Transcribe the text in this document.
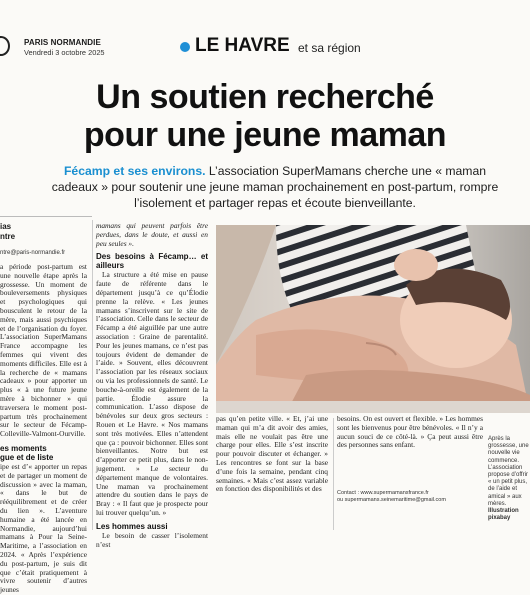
PARIS NORMANDIE
Vendredi 3 octobre 2025	LE HAVRE et sa région
Un soutien recherché
pour une jeune maman
Fécamp et ses environs. L’association SuperMamans cherche une « maman cadeaux » pour soutenir une jeune maman prochainement en post-partum, rompre l’isolement et partager repas et écoute bienveillante.
ias
ntre
ntre@paris-normandie.fr

a période post-partum est une nouvelle étape après la grossesse. Un moment de bouleversements physiques et psychologiques qui bousculent le retour de la mère, mais aussi psychiques et de l’organisation du foyer. L’association SuperMamans France accompagne les femmes qui vivent des moments difficiles. Elle est à la recherche de « mamans cadeaux » pour apporter un plus « à une future jeune mère à bichonner » qui traversera le moment post-partum très prochainement sur le secteur de Fécamp-Colleville-Valmont-Ourville.

es moments
gue et de liste

ipe est d’« apporter un repas et de partager un moment de discussion » avec la maman, « dans le but de rééquilibrement et de créer du lien ». L’aventure humaine a été lancée en Normandie, aujourd’hui mamans à Pour la Seine-Maritime, a l’association en 2024. « Après l’expérience du post-partum, je suis dit que c’était pratiquement à vivre soutenir d’autres jeunes

mamans qui peuvent parfois être perdues, dans le doute, et aussi en peu seules ».

Des besoins à Fécamp… et ailleurs

La structure a été mise en pause faute de référente dans le département jusqu’à ce qu’Élodie prenne la relève. « Les jeunes mamans s’inscrivent sur le site de l’association. Celle dans le secteur de Fécamp a été aiguillée par une autre association : Graine de parentalité. Pour les jeunes mamans, ce n’est pas toujours évident de demander de l’aide. » Souvent, elles découvrent l’association par les réseaux sociaux ou via les professionnels de santé. Le bouche-à-oreille est également de la partie. Élodie assure la communication. L’asso dispose de bénévoles sur deux gros secteurs : Rouen et Le Havre. « Nos mamans sont très motivées. Elles n’attendent que ça : pouvoir bichonner. Elles sont bienveillantes. Notre but est d’apporter ce petit plus, dans le non-jugement. » Le secteur du département manque de volontaires. Une maman va prochainement attendre du soutien dans le pays de Bray : « Il faut que je prospecte pour lui trouver quelqu’un. »

Les hommes aussi

Le besoin de casser l’isolement n’est

pas qu’en petite ville. « Et, j’ai une maman qui m’a dit avoir des amies, mais elle ne voulait pas être une charge pour elles. Elle s’est inscrite pour pouvoir discuter et échanger. » Les rencontres se font sur la base d’une fois la semaine, pendant cinq semaines. « Mais c’est assez variable en fonction des disponibilités et des

besoins. On est ouvert et flexible. » Les hommes sont les bienvenus pour être bénévoles. « Il n’y a aucun souci de ce côté-là. » Ça peut aussi être des personnes sans enfant.

Contact : www.supermamansfrance.fr
ou supermamans.seinemaritime@gmail.com
Après la grossesse, une nouvelle vie commence. L’association propose d’offrir « un petit plus, de l’aide et amical » aux mères. Illustration pixabay
